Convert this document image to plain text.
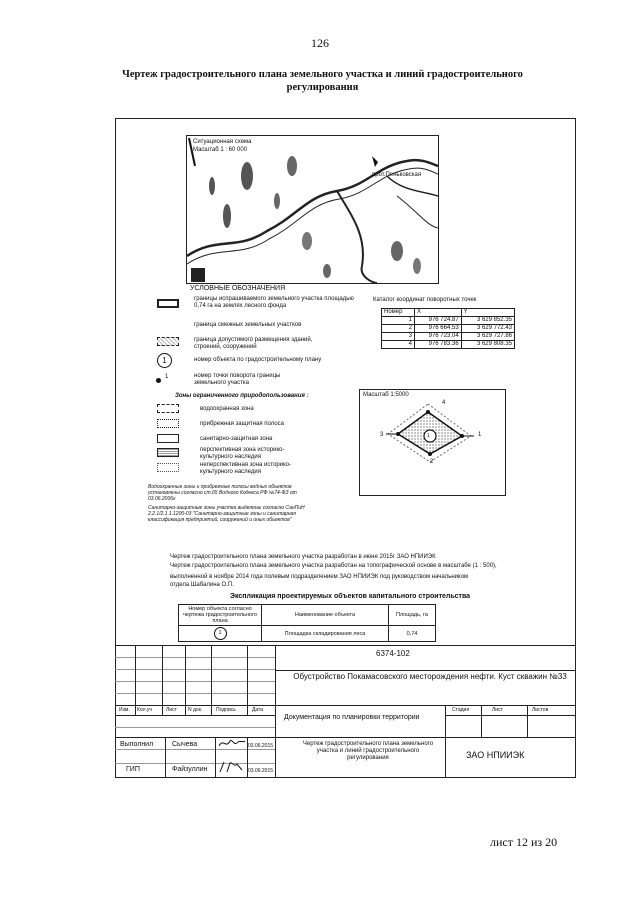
126
Чертеж градостроительного плана земельного участка и линий градостроительного регулирования
Ситуационная схема
Масштаб 1 : 60 000
прот.Пеньковская
УСЛОВНЫЕ ОБОЗНАЧЕНИЯ
границы испрашиваемого земельного участка площадью 0,74 га на землях лесного фонда
граница смежных земельных участков
граница допустимого размещения зданий, строений, сооружений
1	номер объекта по градостроительному плану
1	номер точки поворота границы земельного участка
Зоны ограниченного природопользования :
водоохранная зона
прибрежная защитная полоса
санитарно-защитная зона
перспективная зона историко-культурного наследия
неперспективная зона историко-культурного наследия
Водоохранные зоны и прибрежные полосы водных объектов установлены согласно ст.65 Водного Кодекса РФ №74-ФЗ от 03.06.2006г
Санитарно-защитные зоны участка выделены согласно СанПиН 2.2.1/2.1.1.1200-03 "Санитарно-защитные зоны и санитарная классификация предприятий, сооружений и иных объектов"
Каталог координат поворотных точек
Номер	X	Y
1	976 724.87	3 629 852.35
2	976 664.53	3 629 772.43
3	976 723.04	3 629 727.86
4	976 783.36	3 629 808.35
Масштаб 1:5000
4
1
2
3	1
Чертеж градостроительного плана земельного участка разработан в июне 2015г ЗАО НПИИЭК
Чертеж градостроительного плана земельного участка разработан на топографической основе в масштабе (1 : 500),
выполненной в ноябре 2014 года полевым подразделением ЗАО НПИИЭК под руководством начальником
отдела Шабалина О.П.
Экспликация проектируемых объектов капитального строительства
Номер объекта согласно чертежа градостроительного плана	Наименование объекта	Площадь, га
1	Площадка складирования леса	0,74
6374-102
Обустройство Покамасовского месторождения нефти. Куст скважин №33
Изм. Кол.уч	Лист N док.	Подпись	Дата	Стадия	Лист	Листов
Документация по планировки территории
Выполнил	Сычева	03.06.2015
ГИП	Файзуллин	03.06.2015
Чертеж градостроительного плана земельного участка и линий градостроительного регулирования	ЗАО НПИИЭК
лист 12 из 20
